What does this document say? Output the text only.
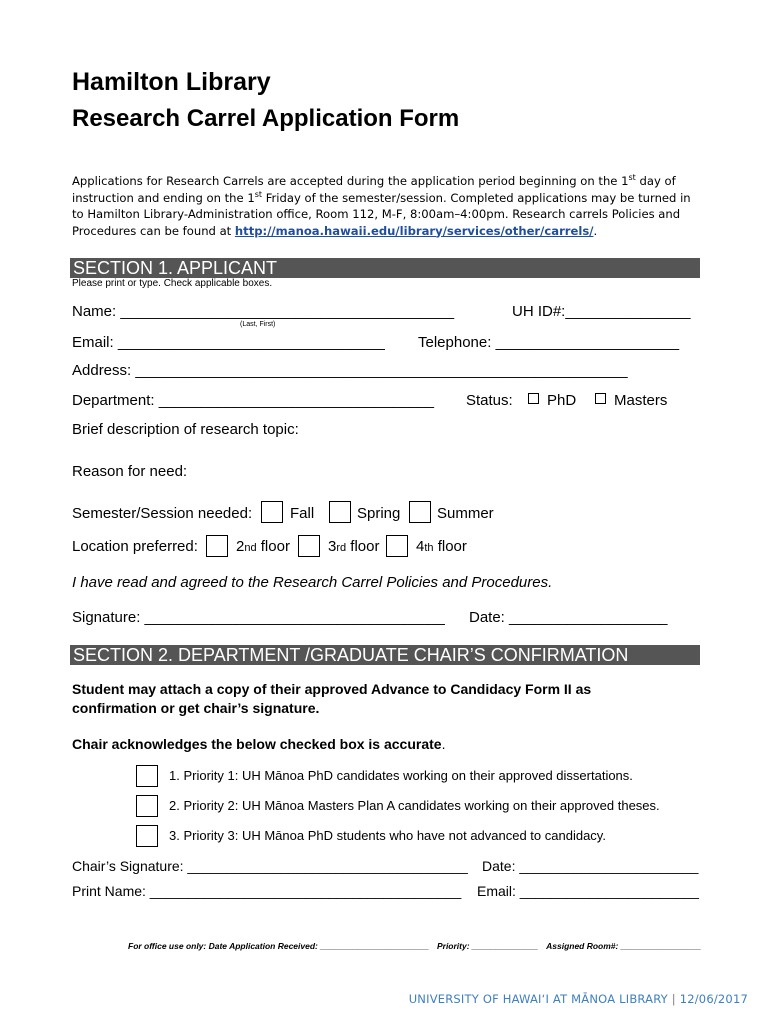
Hamilton Library
Research Carrel Application Form
Applications for Research Carrels are accepted during the application period beginning on the 1st day of instruction and ending on the 1st Friday of the semester/session. Completed applications may be turned in to Hamilton Library-Administration office, Room 112, M-F, 8:00am–4:00pm. Research carrels Policies and Procedures can be found at http://manoa.hawaii.edu/library/services/other/carrels/.
SECTION 1. APPLICANT
Please print or type. Check applicable boxes.
Name: ________________________________________
(Last, First)
UH ID#:_______________
Email: ________________________________ Telephone: ______________________
Address: ___________________________________________________________
Department: _________________________________ Status: PhD	Masters
Brief description of research topic:
Reason for need:
Semester/Session needed:	Fall	Spring Summer
Location preferred:	2nd floor	3rd floor 4th floor
I have read and agreed to the Research Carrel Policies and Procedures.
Signature: ____________________________________ Date: ___________________
SECTION 2. DEPARTMENT /GRADUATE CHAIR’S CONFIRMATION
Student may attach a copy of their approved Advance to Candidacy Form II as
confirmation or get chair’s signature.
Chair acknowledges the below checked box is accurate.
1. Priority 1: UH Mānoa PhD candidates working on their approved dissertations.
2. Priority 2: UH Mānoa Masters Plan A candidates working on their approved theses.
3. Priority 3: UH Mānoa PhD students who have not advanced to candidacy.
Chair’s Signature: ____________________________________ Date: _______________________
Print Name: ________________________________________ Email: _______________________
For office use only: Date Application Received: _______________________ Priority: ______________ Assigned Room#: _________________
UNIVERSITY OF HAWAI‘I AT MĀNOA LIBRARY | 12/06/2017
